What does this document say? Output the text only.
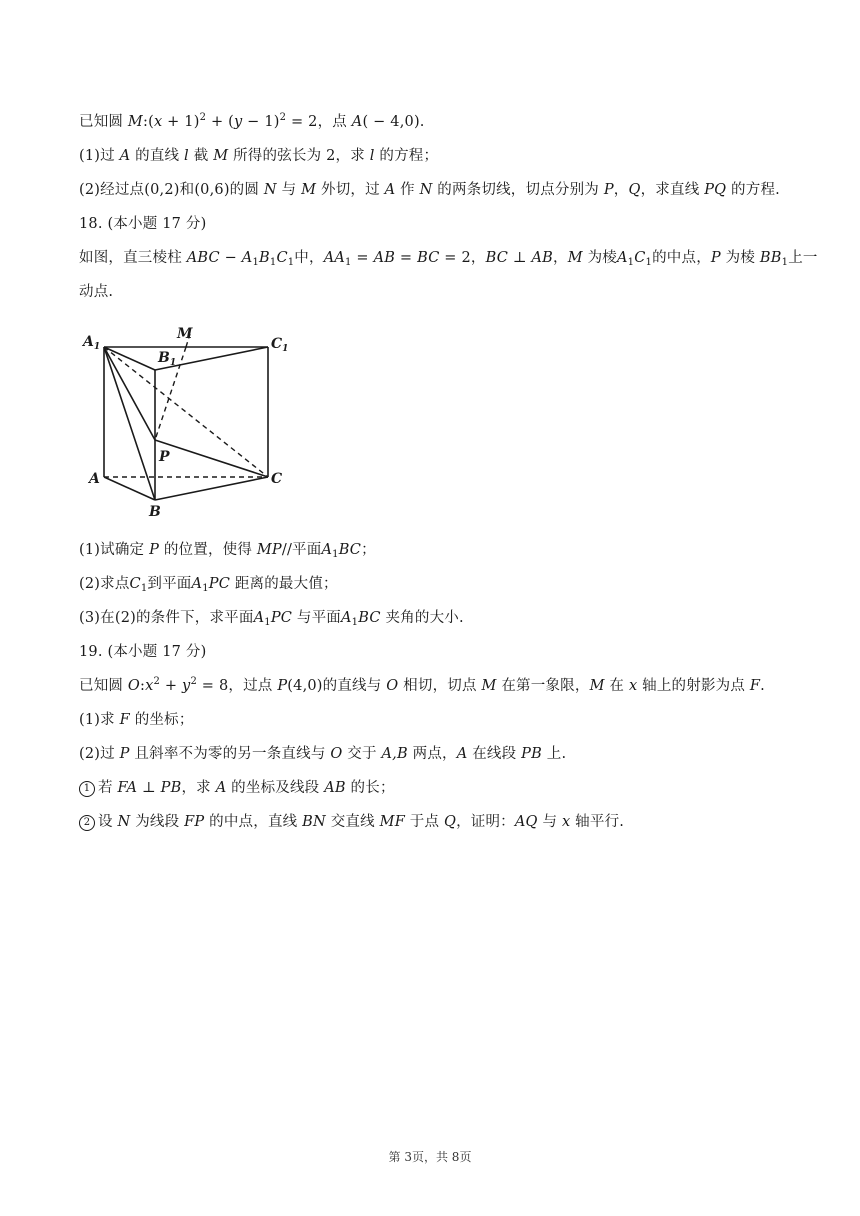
已知圆 M:(x + $1)^2 + (y - 1)^2 = 2$，点 A( − 4,0).
(1)过 A 的直线 l 截 M 所得的弦长为 2，求 l 的方程；
(2)经过点(0,2)和(0,6)的圆 N 与 M 外切，过 A 作 N 的两条切线，切点分别为 P，Q，求直线 PQ 的方程.
18. (本小题 17 分)
如图，直三棱柱 ABC − $A_1B_1C_1$中，$AA_1$ = AB = BC = 2，BC ⊥ AB，M 为棱$A_1C_1$的中点，P 为棱 $BB_1$上一
动点.
$A_1$
M
$B_1$
$C_1$
P
A
B
C
(1)试确定 P 的位置，使得 MP//平面$A_1BC$；
(2)求点$C_1$到平面$A_1PC$ 距离的最大值；
(3)在(2)的条件下，求平面$A_1PC$ 与平面$A_1BC$ 夹角的大小.
19. (本小题 17 分)
已知圆 $O:x^2 + y^2 = 8$，过点 P(4,0)的直线与 O 相切，切点 M 在第一象限，M 在 x 轴上的射影为点 F.
(1)求 F 的坐标；
(2)过 P 且斜率不为零的另一条直线与 O 交于 A,B 两点，A 在线段 PB 上.
1 若 FA ⊥ PB，求 A 的坐标及线段 AB 的长；
2 设 N 为线段 FP 的中点，直线 BN 交直线 MF 于点 Q，证明：AQ 与 x 轴平行.
第 3页，共 8页
